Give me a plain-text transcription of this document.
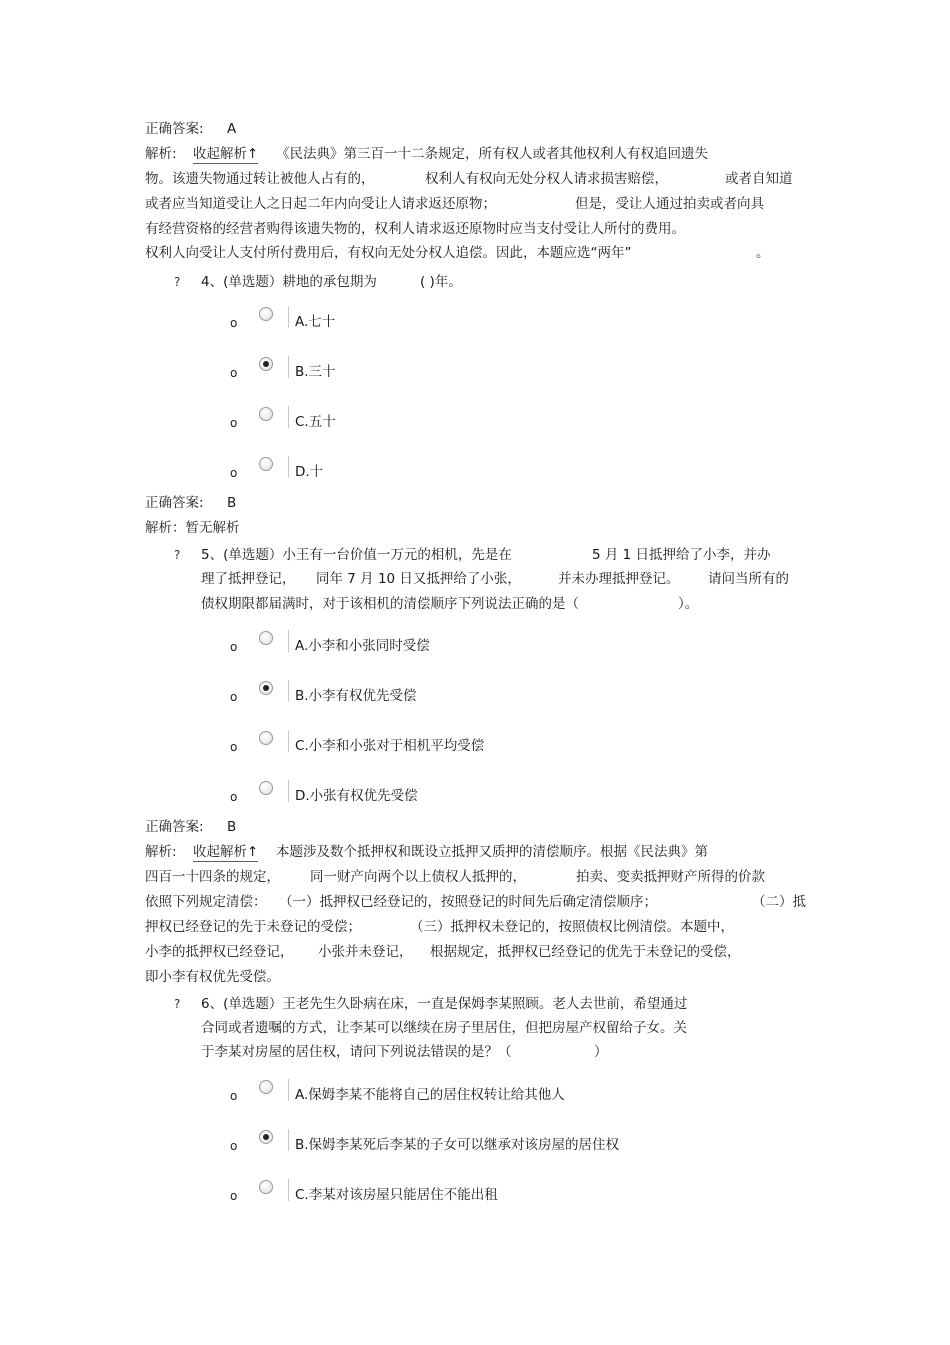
正确答案: A
解析: 收起解析↑ 《民法典》第三百一十二条规定，所有权人或者其他权利人有权追回遗失
物。该遗失物通过转让被他人占有的，	权利人有权向无处分权人请求损害赔偿，	或者自知道
或者应当知道受让人之日起二年内向受让人请求返还原物；	但是，受让人通过拍卖或者向具
有经营资格的经营者购得该遗失物的，权利人请求返还原物时应当支付受让人所付的费用。
权利人向受让人支付所付费用后，有权向无处分权人追偿。因此，本题应选“两年”	。
? 4、(单选题）耕地的承包期为	( )年。
o	A.七十
o	B.三十
o	C.五十
o	D.十
正确答案: B
解析：暂无解析
? 5、(单选题）小王有一台价值一万元的相机，先是在	5 月 1 日抵押给了小李，并办
理了抵押登记， 同年 7 月 10 日又抵押给了小张，	并未办理抵押登记。 请问当所有的
债权期限都届满时，对于该相机的清偿顺序下列说法正确的是（	）。
o	A.小李和小张同时受偿
o	B.小李有权优先受偿
o	C.小李和小张对于相机平均受偿
o	D.小张有权优先受偿
正确答案: B
解析: 收起解析↑ 本题涉及数个抵押权和既设立抵押又质押的清偿顺序。根据《民法典》第
四百一十四条的规定， 同一财产向两个以上债权人抵押的，	拍卖、变卖抵押财产所得的价款
依照下列规定清偿： （一）抵押权已经登记的，按照登记的时间先后确定清偿顺序；	（二）抵
押权已经登记的先于未登记的受偿；	（三）抵押权未登记的，按照债权比例清偿。本题中，
小李的抵押权已经登记， 小张并未登记， 根据规定，抵押权已经登记的优先于未登记的受偿，
即小李有权优先受偿。
? 6、(单选题）王老先生久卧病在床，一直是保姆李某照顾。老人去世前，希望通过
合同或者遗嘱的方式，让李某可以继续在房子里居住，但把房屋产权留给子女。关
于李某对房屋的居住权，请问下列说法错误的是？（	）
o	A.保姆李某不能将自己的居住权转让给其他人
o	B.保姆李某死后李某的子女可以继承对该房屋的居住权
o	C.李某对该房屋只能居住不能出租
